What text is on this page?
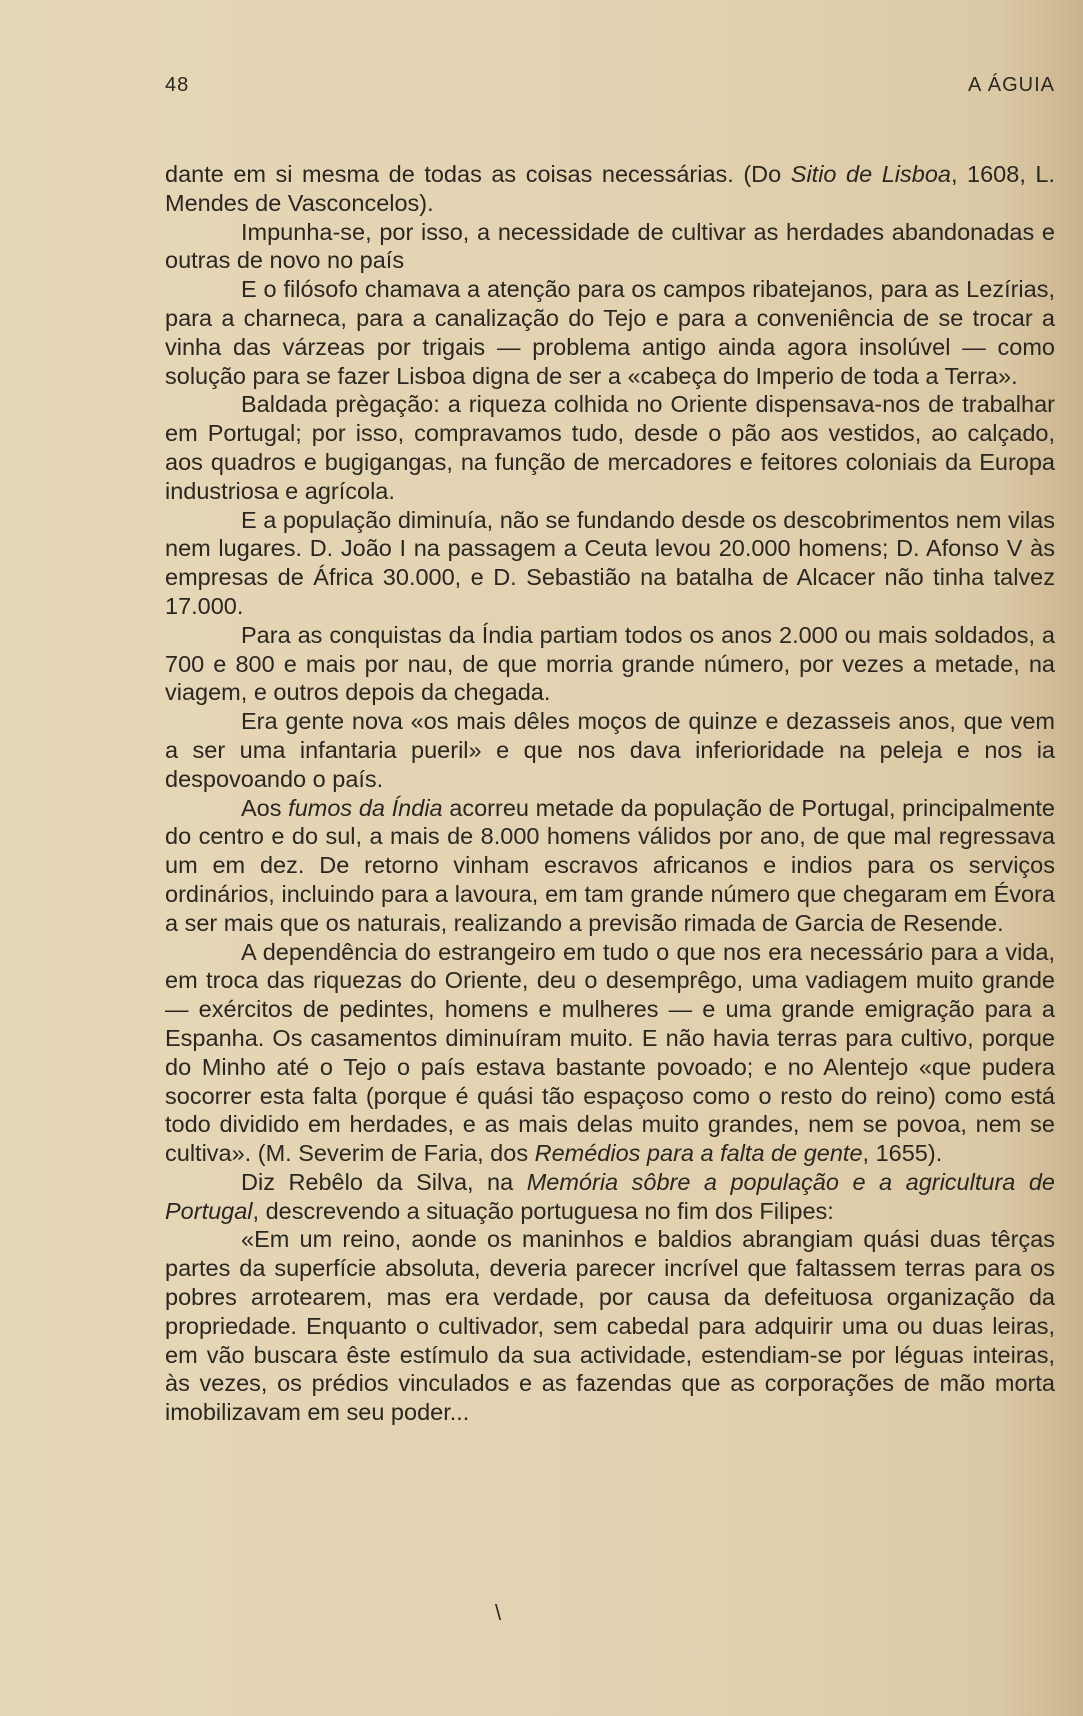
48	A ÁGUIA

dante em si mesma de todas as coisas necessárias. (Do Sitio de Lisboa, 1608, L. Mendes de Vasconcelos).

Impunha-se, por isso, a necessidade de cultivar as herdades abandonadas e outras de novo no país

E o filósofo chamava a atenção para os campos ribatejanos, para as Lezírias, para a charneca, para a canalização do Tejo e para a conveniência de se trocar a vinha das várzeas por trigais — problema antigo ainda agora insolúvel — como solução para se fazer Lisboa digna de ser a «cabeça do Imperio de toda a Terra».

Baldada prègação: a riqueza colhida no Oriente dispensava-nos de trabalhar em Portugal; por isso, compravamos tudo, desde o pão aos vestidos, ao calçado, aos quadros e bugigangas, na função de mercadores e feitores coloniais da Europa industriosa e agrícola.

E a população diminuía, não se fundando desde os descobrimentos nem vilas nem lugares. D. João I na passagem a Ceuta levou 20.000 homens; D. Afonso V às empresas de África 30.000, e D. Sebastião na batalha de Alcacer não tinha talvez 17.000.

Para as conquistas da Índia partiam todos os anos 2.000 ou mais soldados, a 700 e 800 e mais por nau, de que morria grande número, por vezes a metade, na viagem, e outros depois da chegada.

Era gente nova «os mais dêles moços de quinze e dezasseis anos, que vem a ser uma infantaria pueril» e que nos dava inferioridade na peleja e nos ia despovoando o país.

Aos fumos da Índia acorreu metade da população de Portugal, principalmente do centro e do sul, a mais de 8.000 homens válidos por ano, de que mal regressava um em dez. De retorno vinham escravos africanos e indios para os serviços ordinários, incluindo para a lavoura, em tam grande número que chegaram em Évora a ser mais que os naturais, realizando a previsão rimada de Garcia de Resende.

A dependência do estrangeiro em tudo o que nos era necessário para a vida, em troca das riquezas do Oriente, deu o desemprêgo, uma vadiagem muito grande — exércitos de pedintes, homens e mulheres — e uma grande emigração para a Espanha. Os casamentos diminuíram muito. E não havia terras para cultivo, porque do Minho até o Tejo o país estava bastante povoado; e no Alentejo «que pudera socorrer esta falta (porque é quási tão espaçoso como o resto do reino) como está todo dividido em herdades, e as mais delas muito grandes, nem se povoa, nem se cultiva». (M. Severim de Faria, dos Remédios para a falta de gente, 1655).

Diz Rebêlo da Silva, na Memória sôbre a população e a agricultura de Portugal, descrevendo a situação portuguesa no fim dos Filipes:

«Em um reino, aonde os maninhos e baldios abrangiam quási duas têrças partes da superfície absoluta, deveria parecer incrível que faltassem terras para os pobres arrotearem, mas era verdade, por causa da defeituosa organização da propriedade. Enquanto o cultivador, sem cabedal para adquirir uma ou duas leiras, em vão buscara êste estímulo da sua actividade, estendiam-se por léguas inteiras, às vezes, os prédios vinculados e as fazendas que as corporações de mão morta imobilizavam em seu poder...

\
